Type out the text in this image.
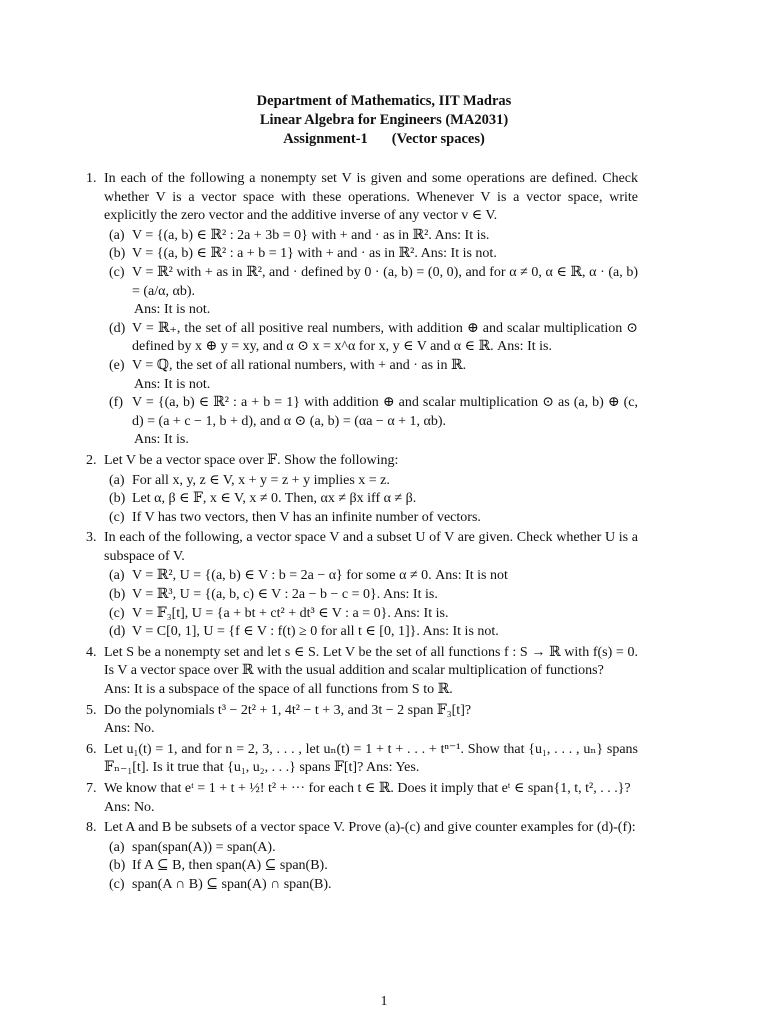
Department of Mathematics, IIT Madras
Linear Algebra for Engineers (MA2031)
Assignment-1 (Vector spaces)
1. In each of the following a nonempty set V is given and some operations are defined. Check whether V is a vector space with these operations. Whenever V is a vector space, write explicitly the zero vector and the additive inverse of any vector v ∈ V.
(a) V = {(a, b) ∈ ℝ² : 2a + 3b = 0} with + and · as in ℝ². Ans: It is.
(b) V = {(a, b) ∈ ℝ² : a + b = 1} with + and · as in ℝ². Ans: It is not.
(c) V = ℝ² with + as in ℝ², and · defined by 0 · (a, b) = (0, 0), and for α ≠ 0, α ∈ ℝ, α · (a, b) = (a/α, αb).
Ans: It is not.
(d) V = ℝ₊, the set of all positive real numbers, with addition ⊕ and scalar multiplication ⊙ defined by x ⊕ y = xy, and α ⊙ x = x^α for x, y ∈ V and α ∈ ℝ. Ans: It is.
(e) V = ℚ, the set of all rational numbers, with + and · as in ℝ.
Ans: It is not.
(f) V = {(a, b) ∈ ℝ² : a + b = 1} with addition ⊕ and scalar multiplication ⊙ as (a, b) ⊕ (c, d) = (a + c − 1, b + d), and α ⊙ (a, b) = (αa − α + 1, αb).
Ans: It is.
2. Let V be a vector space over 𝔽. Show the following:
(a) For all x, y, z ∈ V, x + y = z + y implies x = z.
(b) Let α, β ∈ 𝔽, x ∈ V, x ≠ 0. Then, αx ≠ βx iff α ≠ β.
(c) If V has two vectors, then V has an infinite number of vectors.
3. In each of the following, a vector space V and a subset U of V are given. Check whether U is a subspace of V.
(a) V = ℝ², U = {(a, b) ∈ V : b = 2a − α} for some α ≠ 0. Ans: It is not
(b) V = ℝ³, U = {(a, b, c) ∈ V : 2a − b − c = 0}. Ans: It is.
(c) V = 𝔽₃[t], U = {a + bt + ct² + dt³ ∈ V : a = 0}. Ans: It is.
(d) V = C[0, 1], U = {f ∈ V : f(t) ≥ 0 for all t ∈ [0, 1]}. Ans: It is not.
4. Let S be a nonempty set and let s ∈ S. Let V be the set of all functions f : S → ℝ with f(s) = 0. Is V a vector space over ℝ with the usual addition and scalar multiplication of functions?
Ans: It is a subspace of the space of all functions from S to ℝ.
5. Do the polynomials t³ − 2t² + 1, 4t² − t + 3, and 3t − 2 span 𝔽₃[t]?
Ans: No.
6. Let u₁(t) = 1, and for n = 2, 3, . . . , let uₙ(t) = 1 + t + . . . + tⁿ⁻¹. Show that {u₁, . . . , uₙ} spans 𝔽ₙ₋₁[t]. Is it true that {u₁, u₂, . . .} spans 𝔽[t]? Ans: Yes.
7. We know that eᵗ = 1 + t + ½! t² + ··· for each t ∈ ℝ. Does it imply that eᵗ ∈ span{1, t, t², . . .}?
Ans: No.
8. Let A and B be subsets of a vector space V. Prove (a)-(c) and give counter examples for (d)-(f):
(a) span(span(A)) = span(A).
(b) If A ⊆ B, then span(A) ⊆ span(B).
(c) span(A ∩ B) ⊆ span(A) ∩ span(B).
1
